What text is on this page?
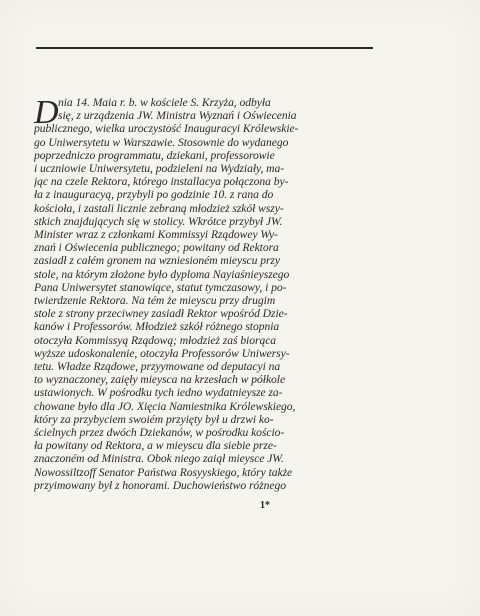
D nia 14. Maia r. b. w kościele S. Krzyża, odbyła
się, z urządzenia JW. Ministra Wyznań i Oświecenia
publicznego, wielka uroczystość Inauguracyi Królewskie-
go Uniwersytetu w Warszawie. Stosownie do wydanego
poprzedniczo programmatu, dziekani, professorowie
i uczniowie Uniwersytetu, podzieleni na Wydziały, ma-
jąc na czele Rektora, którego installacya połączona by-
ła z inauguracyą, przybyli po godzinie 10. z rana do
kościoła, i zastali licznie zebraną młodzież szkół wszy-
stkich znajdujących się w stolicy. Wkrótce przybył JW.
Minister wraz z członkami Kommissyi Rządowey Wy-
znań i Oświecenia publicznego; powitany od Rektora
zasiadł z całém gronem na wzniesioném mieyscu przy
stole, na którym złożone było dyploma Nayiaśnieyszego
Pana Uniwersytet stanowiące, statut tymczasowy, i po-
twierdzenie Rektora. Na tém że mieyscu przy drugim
stole z strony przeciwney zasiadł Rektor wpośród Dzie-
kanów i Professorów. Młodzież szkół różnego stopnia
otoczyła Kommissyą Rządową; młodzież zaś biorąca
wyższe udoskonalenie, otoczyła Professorów Uniwersy-
tetu. Władze Rządowe, przyymowane od deputacyi na
to wyznaczoney, zaięły mieysca na krzesłach w półkole
ustawionych. W pośrodku tych iedno wydatnieysze za-
chowane było dla JO. Xięcia Namiestnika Królewskiego,
który za przybyciem swoiém przyięty był u drzwi ko-
ścielnych przez dwóch Dziekanów, w pośrodku kościo-
ła powitany od Rektora, a w mieyscu dla siebie prze-
znaczoném od Ministra. Obok niego zaiął mieysce JW.
Nowossiltzoff Senator Państwa Rosyyskiego, który także
przyimowany był z honorami. Duchowieństwo różnego
1*
